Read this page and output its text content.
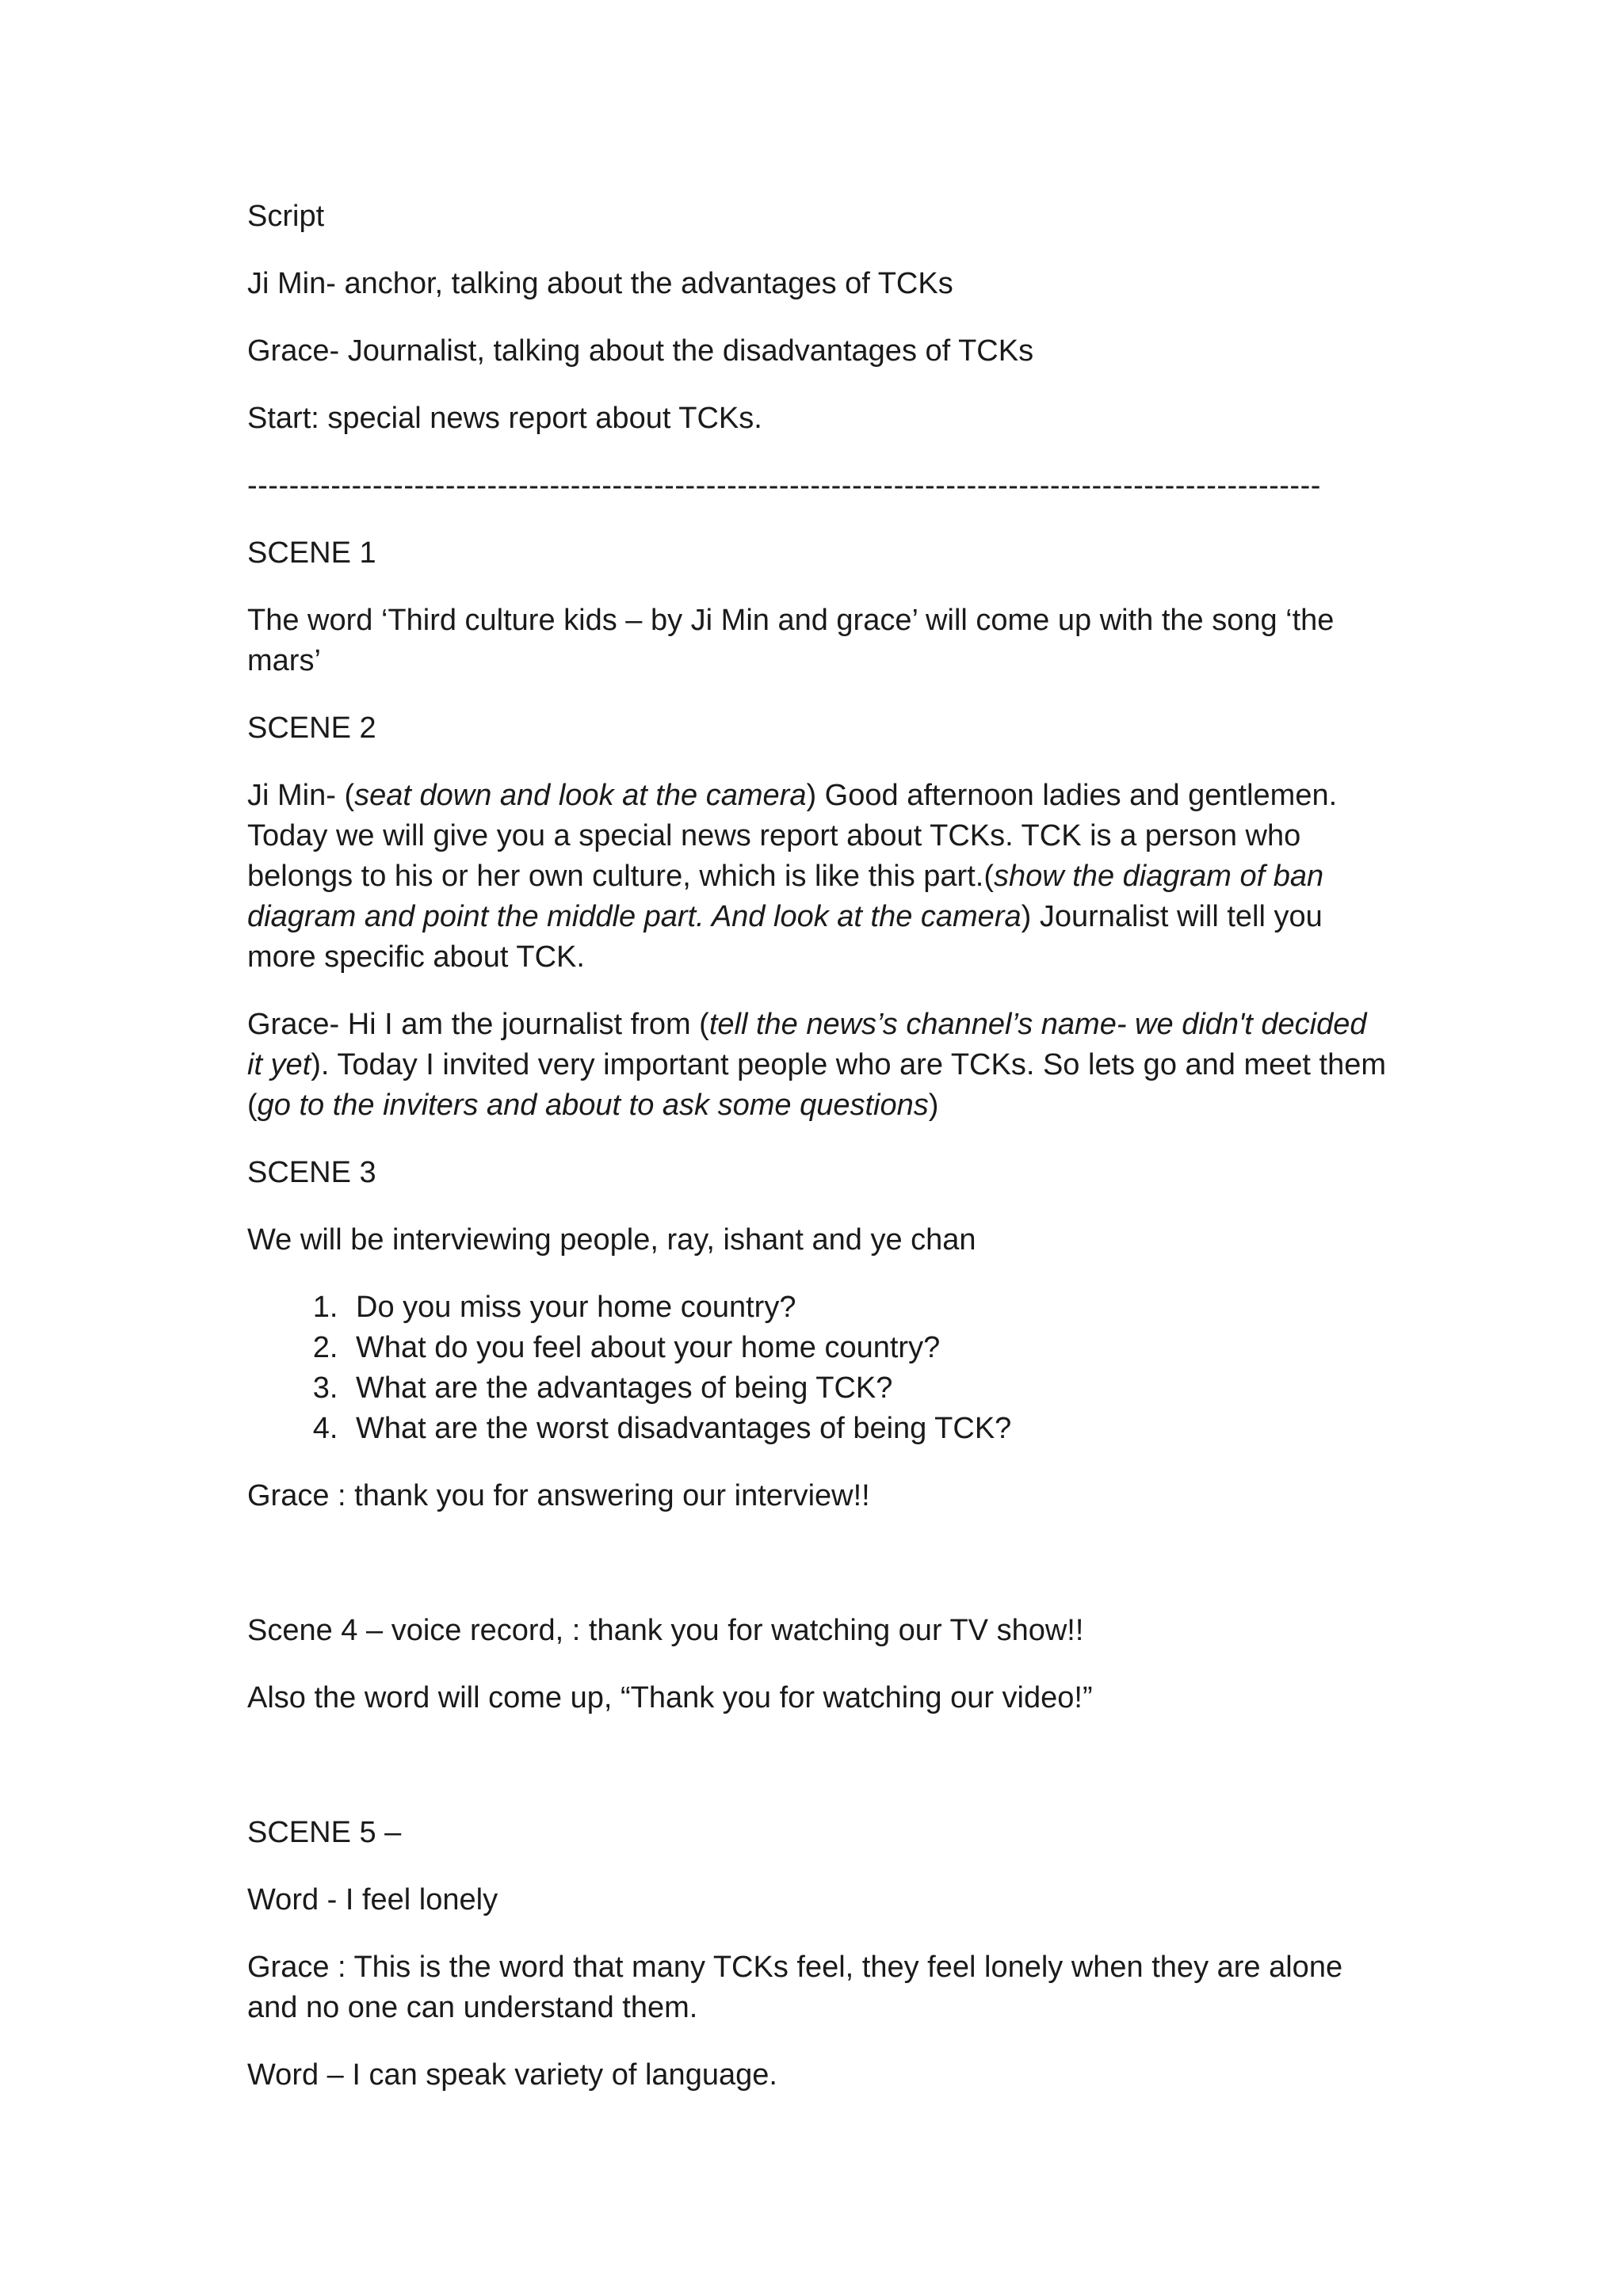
Script

Ji Min- anchor, talking about the advantages of TCKs

Grace- Journalist, talking about the disadvantages of TCKs

Start: special news report about TCKs.

-------------------------------------------------------------------------------------------------------

SCENE 1

The word ‘Third culture kids – by Ji Min and grace’ will come up with the song ‘the mars’

SCENE 2

Ji Min- (seat down and look at the camera) Good afternoon ladies and gentlemen. Today we will give you a special news report about TCKs. TCK is a person who belongs to his or her own culture, which is like this part.(show the diagram of ban diagram and point the middle part. And look at the camera) Journalist will tell you more specific about TCK.

Grace- Hi I am the journalist from (tell the news’s channel’s name- we didn't decided it yet). Today I invited very important people who are TCKs. So lets go and meet them (go to the inviters and about to ask some questions)

SCENE 3

We will be interviewing people, ray, ishant and ye chan

1. Do you miss your home country?
2. What do you feel about your home country?
3. What are the advantages of being TCK?
4. What are the worst disadvantages of being TCK?

Grace : thank you for answering our interview!!

Scene 4 – voice record, : thank you for watching our TV show!!

Also the word will come up, “Thank you for watching our video!”

SCENE 5 –

Word - I feel lonely

Grace : This is the word that many TCKs feel, they feel lonely when they are alone and no one can understand them.

Word – I can speak variety of language.
